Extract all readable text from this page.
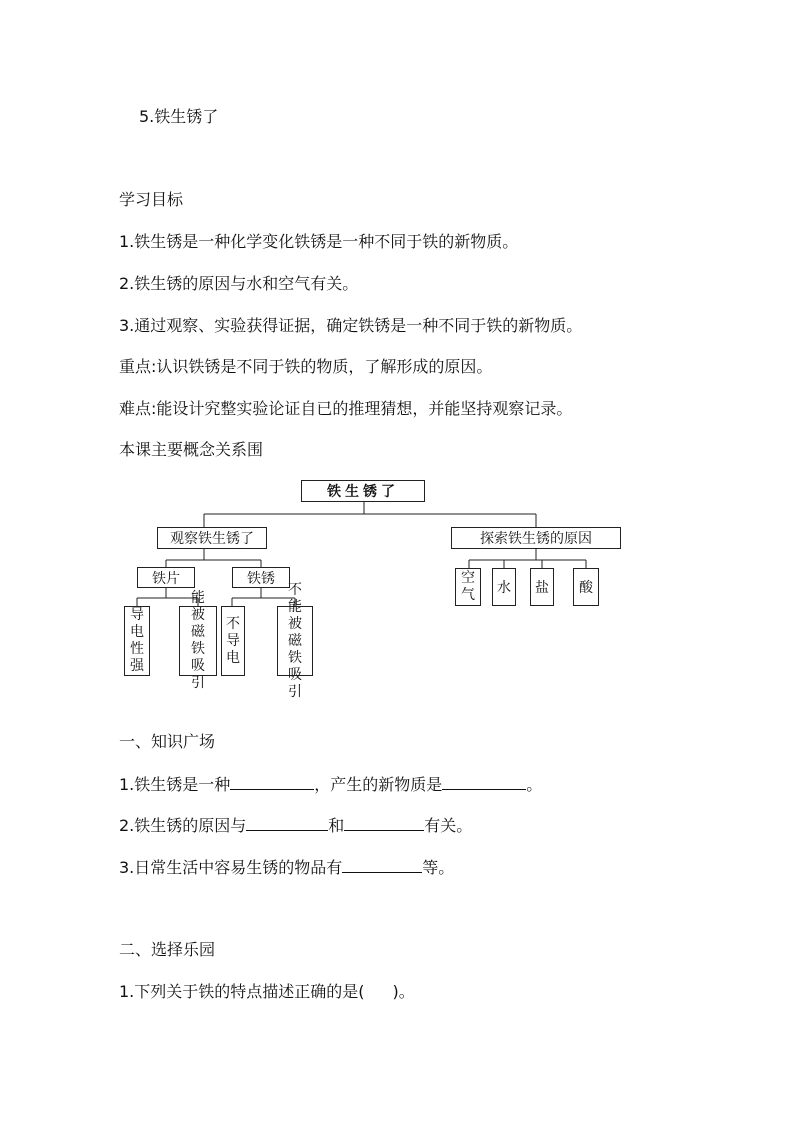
5.铁生锈了
学习目标
1.铁生锈是一种化学变化铁锈是一种不同于铁的新物质。
2.铁生锈的原因与水和空气有关。
3.通过观察、实验获得证据，确定铁锈是一种不同于铁的新物质。
重点:认识铁锈是不同于铁的物质，了解形成的原因。
难点:能设计究整实验论证自已的推理猜想，并能坚持观察记录。
本课主要概念关系围
铁生锈了
观察铁生锈了	探索铁生锈的原因
铁片	铁锈
导电性强
能被磁铁吸引
不导电
不能被磁铁吸引
空气	水	盐	酸
一、知识广场
1.铁生锈是一种	，产生的新物质是	。
2.铁生锈的原因与	和	有关。
3.日常生活中容易生锈的物品有	等。
二、选择乐园
1.下列关于铁的特点描述正确的是( )。
